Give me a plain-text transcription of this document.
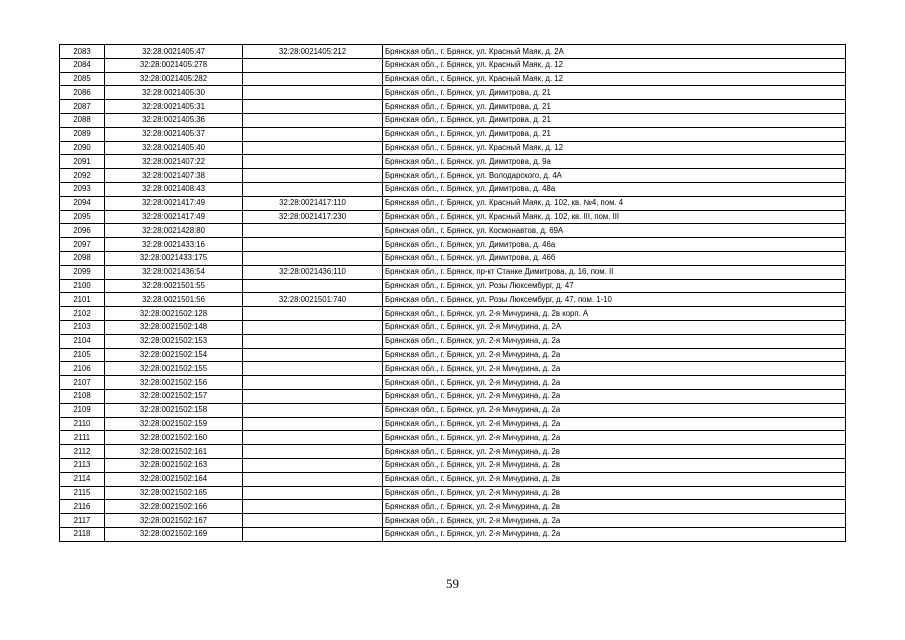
2083	32:28:0021405:47	32:28:0021405:212	Брянская обл., г. Брянск, ул. Красный Маяк, д. 2А
2084	32:28:0021405:278		Брянская обл., г. Брянск, ул. Красный Маяк, д. 12
2085	32:28:0021405:282		Брянская обл., г. Брянск, ул. Красный Маяк, д. 12
2086	32:28:0021405:30		Брянская обл., г. Брянск, ул. Димитрова, д. 21
2087	32:28:0021405:31		Брянская обл., г. Брянск, ул. Димитрова, д. 21
2088	32:28:0021405:36		Брянская обл., г. Брянск, ул. Димитрова, д. 21
2089	32:28:0021405:37		Брянская обл., г. Брянск, ул. Димитрова, д. 21
2090	32:28:0021405:40		Брянская обл., г. Брянск, ул. Красный Маяк, д. 12
2091	32:28:0021407:22		Брянская обл., г. Брянск, ул. Димитрова, д. 9а
2092	32:28:0021407:38		Брянская обл., г. Брянск, ул. Володарского, д. 4А
2093	32:28:0021408:43		Брянская обл., г. Брянск, ул. Димитрова, д. 48а
2094	32:28:0021417:49	32:28:0021417:110	Брянская обл., г. Брянск, ул. Красный Маяк, д. 102, кв. №4, пом. 4
2095	32:28:0021417:49	32:28:0021417:230	Брянская обл., г. Брянск, ул. Красный Маяк, д. 102, кв. III, пом. III
2096	32:28:0021428:80		Брянская обл., г. Брянск, ул. Космонавтов, д. 69А
2097	32:28:0021433:16		Брянская обл., г. Брянск, ул. Димитрова, д. 46а
2098	32:28:0021433:175		Брянская обл., г. Брянск, ул. Димитрова, д. 46б
2099	32:28:0021436:54	32:28:0021436:110	Брянская обл., г. Брянск, пр-кт Станке Димитрова, д. 16, пом. II
2100	32:28:0021501:55		Брянская обл., г. Брянск, ул. Розы Люксембург, д. 47
2101	32:28:0021501:56	32:28:0021501:740	Брянская обл., г. Брянск, ул. Розы Люксембург, д. 47, пом. 1-10
2102	32:28:0021502:128		Брянская обл., г. Брянск, ул. 2-я Мичурина, д. 2в корп. А
2103	32:28:0021502:148		Брянская обл., г. Брянск, ул. 2-я Мичурина, д. 2А
2104	32:28:0021502:153		Брянская обл., г. Брянск, ул. 2-я Мичурина, д. 2а
2105	32:28:0021502:154		Брянская обл., г. Брянск, ул. 2-я Мичурина, д. 2а
2106	32:28:0021502:155		Брянская обл., г. Брянск, ул. 2-я Мичурина, д. 2а
2107	32:28:0021502:156		Брянская обл., г. Брянск, ул. 2-я Мичурина, д. 2а
2108	32:28:0021502:157		Брянская обл., г. Брянск, ул. 2-я Мичурина, д. 2а
2109	32:28:0021502:158		Брянская обл., г. Брянск, ул. 2-я Мичурина, д. 2а
2110	32:28:0021502:159		Брянская обл., г. Брянск, ул. 2-я Мичурина, д. 2а
2111	32:28:0021502:160		Брянская обл., г. Брянск, ул. 2-я Мичурина, д. 2а
2112	32:28:0021502:161		Брянская обл., г. Брянск, ул. 2-я Мичурина, д. 2в
2113	32:28:0021502:163		Брянская обл., г. Брянск, ул. 2-я Мичурина, д. 2в
2114	32:28:0021502:164		Брянская обл., г. Брянск, ул. 2-я Мичурина, д. 2в
2115	32:28:0021502:165		Брянская обл., г. Брянск, ул. 2-я Мичурина, д. 2в
2116	32:28:0021502:166		Брянская обл., г. Брянск, ул. 2-я Мичурина, д. 2в
2117	32:28:0021502:167		Брянская обл., г. Брянск, ул. 2-я Мичурина, д. 2а
2118	32:28:0021502:169		Брянская обл., г. Брянск, ул. 2-я Мичурина, д. 2а
59
